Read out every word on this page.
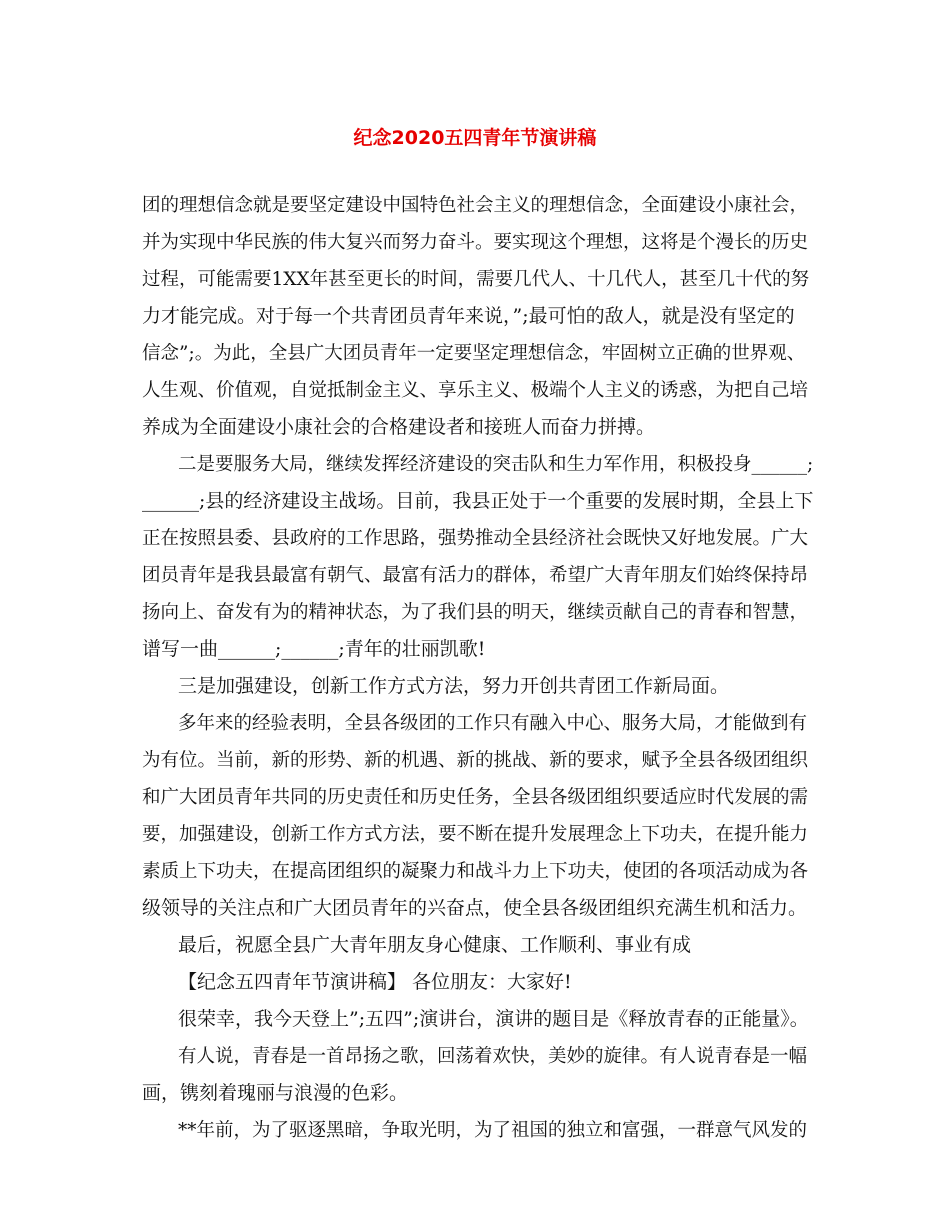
纪念2020五四青年节演讲稿
团的理想信念就是要坚定建设中国特色社会主义的理想信念，全面建设小康社会，
并为实现中华民族的伟大复兴而努力奋斗。要实现这个理想，这将是个漫长的历史
过程，可能需要1XX年甚至更长的时间，需要几代人、十几代人，甚至几十代的努
力才能完成。对于每一个共青团员青年来说，”;最可怕的敌人，就是没有坚定的
信念”;。为此，全县广大团员青年一定要坚定理想信念，牢固树立正确的世界观、
人生观、价值观，自觉抵制金主义、享乐主义、极端个人主义的诱惑，为把自己培
养成为全面建设小康社会的合格建设者和接班人而奋力拼搏。
二是要服务大局，继续发挥经济建设的突击队和生力军作用，积极投身______;
______;县的经济建设主战场。目前，我县正处于一个重要的发展时期，全县上下
正在按照县委、县政府的工作思路，强势推动全县经济社会既快又好地发展。广大
团员青年是我县最富有朝气、最富有活力的群体，希望广大青年朋友们始终保持昂
扬向上、奋发有为的精神状态，为了我们县的明天，继续贡献自己的青春和智慧，
谱写一曲______;______;青年的壮丽凯歌!
三是加强建设，创新工作方式方法，努力开创共青团工作新局面。
多年来的经验表明，全县各级团的工作只有融入中心、服务大局，才能做到有
为有位。当前，新的形势、新的机遇、新的挑战、新的要求，赋予全县各级团组织
和广大团员青年共同的历史责任和历史任务，全县各级团组织要适应时代发展的需
要，加强建设，创新工作方式方法，要不断在提升发展理念上下功夫，在提升能力
素质上下功夫，在提高团组织的凝聚力和战斗力上下功夫，使团的各项活动成为各
级领导的关注点和广大团员青年的兴奋点，使全县各级团组织充满生机和活力。
最后，祝愿全县广大青年朋友身心健康、工作顺利、事业有成
【纪念五四青年节演讲稿】 各位朋友：大家好!
很荣幸，我今天登上”;五四”;演讲台，演讲的题目是《释放青春的正能量》。
有人说，青春是一首昂扬之歌，回荡着欢快，美妙的旋律。有人说青春是一幅
画，镌刻着瑰丽与浪漫的色彩。
**年前，为了驱逐黑暗，争取光明，为了祖国的独立和富强，一群意气风发的
